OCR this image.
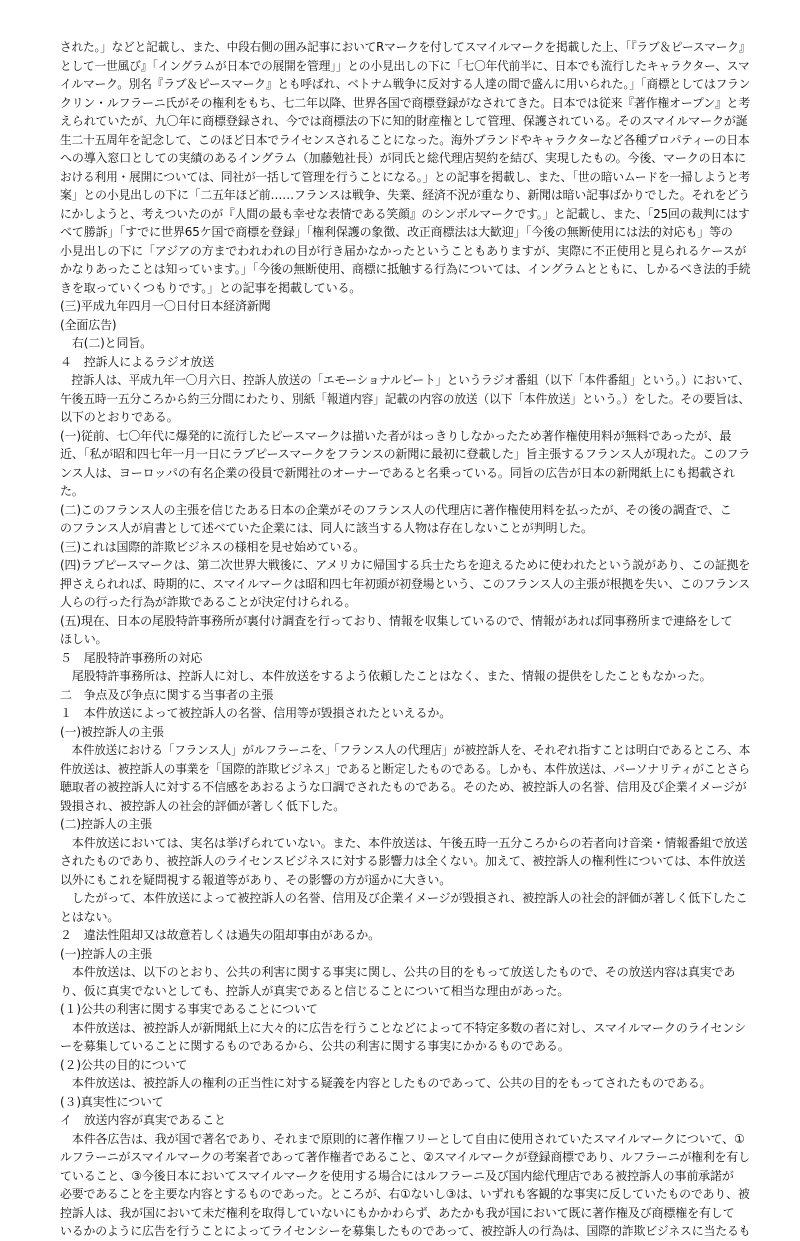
された。」などと記載し、また、中段右側の囲み記事においてRマークを付してスマイルマークを掲載した上、「『ラブ＆ピースマーク』
として一世風び』「イングラムが日本での展開を管理」」との小見出しの下に「七〇年代前半に、日本でも流行したキャラクター、スマ
イルマーク。別名『ラブ＆ピースマーク』とも呼ばれ、ベトナム戦争に反対する人達の間で盛んに用いられた。」「商標としてはフラン
クリン・ルフラーニ氏がその権利をもち、七二年以降、世界各国で商標登録がなされてきた。日本では従来『著作権オープン』と考
えられていたが、九〇年に商標登録され、今では商標法の下に知的財産権として管理、保護されている。そのスマイルマークが誕
生二十五周年を記念して、このほど日本でライセンスされることになった。海外ブランドやキャラクターなど各種プロパティーの日本
への導入窓口としての実績のあるイングラム（加藤勉社長）が同氏と総代理店契約を結び、実現したもの。今後、マークの日本に
おける利用・展開については、同社が一括して管理を行うことになる。」との記事を掲載し、また、「世の暗いムードを一掃しようと考
案」との小見出しの下に「二五年ほど前……フランスは戦争、失業、経済不況が重なり、新聞は暗い記事ばかりでした。それをどう
にかしようと、考えついたのが『人間の最も幸せな表情である笑顔』のシンボルマークです。」と記載し、また、「25回の裁判にはす
べて勝訴」「すでに世界65ケ国で商標を登録」「権利保護の象徴、改正商標法は大歓迎」「今後の無断使用には法的対応も」等の
小見出しの下に「アジアの方までわれわれの目が行き届かなかったということもありますが、実際に不正使用と見られるケースが
かなりあったことは知っています。」「今後の無断使用、商標に抵触する行為については、イングラムとともに、しかるべき法的手続
きを取っていくつもりです。」との記事を掲載している。
(三)平成九年四月一〇日付日本経済新聞
(全面広告)
　右(二)と同旨。
４　控訴人によるラジオ放送
　控訴人は、平成九年一〇月六日、控訴人放送の「エモーショナルビート」というラジオ番組（以下「本件番組」という。）において、
午後五時一五分ころから約三分間にわたり、別紙「報道内容」記載の内容の放送（以下「本件放送」という。）をした。その要旨は、
以下のとおりである。
(一)従前、七〇年代に爆発的に流行したピースマークは描いた者がはっきりしなかったため著作権使用料が無料であったが、最
近、「私が昭和四七年一月一日にラブピースマークをフランスの新聞に最初に登載した」旨主張するフランス人が現れた。このフラ
ンス人は、ヨーロッパの有名企業の役員で新聞社のオーナーであると名乗っている。同旨の広告が日本の新聞紙上にも掲載され
た。
(二)このフランス人の主張を信じたある日本の企業がそのフランス人の代理店に著作権使用料を払ったが、その後の調査で、こ
のフランス人が肩書として述べていた企業には、同人に該当する人物は存在しないことが判明した。
(三)これは国際的詐欺ビジネスの様相を見せ始めている。
(四)ラブピースマークは、第二次世界大戦後に、アメリカに帰国する兵士たちを迎えるために使われたという説があり、この証拠を
押さえられれば、時期的に、スマイルマークは昭和四七年初頭が初登場という、このフランス人の主張が根拠を失い、このフランス
人らの行った行為が詐欺であることが決定付けられる。
(五)現在、日本の尾股特許事務所が裏付け調査を行っており、情報を収集しているので、情報があれば同事務所まで連絡をして
ほしい。
５　尾股特許事務所の対応
　尾股特許事務所は、控訴人に対し、本件放送をするよう依頼したことはなく、また、情報の提供をしたこともなかった。
二　争点及び争点に関する当事者の主張
１　本件放送によって被控訴人の名誉、信用等が毀損されたといえるか。
(一)被控訴人の主張
　本件放送における「フランス人」がルフラーニを、「フランス人の代理店」が被控訴人を、それぞれ指すことは明白であるところ、本
件放送は、被控訴人の事業を「国際的詐欺ビジネス」であると断定したものである。しかも、本件放送は、パーソナリティがことさら
聴取者の被控訴人に対する不信感をあおるような口調でされたものである。そのため、被控訴人の名誉、信用及び企業イメージが
毀損され、被控訴人の社会的評価が著しく低下した。
(二)控訴人の主張
　本件放送においては、実名は挙げられていない。また、本件放送は、午後五時一五分ころからの若者向け音楽・情報番組で放送
されたものであり、被控訴人のライセンスビジネスに対する影響力は全くない。加えて、被控訴人の権利性については、本件放送
以外にもこれを疑問視する報道等があり、その影響の方が遥かに大きい。
　したがって、本件放送によって被控訴人の名誉、信用及び企業イメージが毀損され、被控訴人の社会的評価が著しく低下したこ
とはない。
２　違法性阻却又は故意若しくは過失の阻却事由があるか。
(一)控訴人の主張
　本件放送は、以下のとおり、公共の利害に関する事実に関し、公共の目的をもって放送したもので、その放送内容は真実であ
り、仮に真実でないとしても、控訴人が真実であると信じることについて相当な理由があった。
(１)公共の利害に関する事実であることについて
　本件放送は、被控訴人が新聞紙上に大々的に広告を行うことなどによって不特定多数の者に対し、スマイルマークのライセンシ
ーを募集していることに関するものであるから、公共の利害に関する事実にかかるものである。
(２)公共の目的について
　本件放送は、被控訴人の権利の正当性に対する疑義を内容としたものであって、公共の目的をもってされたものである。
(３)真実性について
イ　放送内容が真実であること
　本件各広告は、我が国で著名であり、それまで原則的に著作権フリーとして自由に使用されていたスマイルマークについて、①
ルフラーニがスマイルマークの考案者であって著作権者であること、②スマイルマークが登録商標であり、ルフラーニが権利を有し
ていること、③今後日本においてスマイルマークを使用する場合にはルフラーニ及び国内総代理店である被控訴人の事前承諾が
必要であることを主要な内容とするものであった。ところが、右①ないし③は、いずれも客観的な事実に反していたものであり、被
控訴人は、我が国において未だ権利を取得していないにもかかわらず、あたかも我が国において既に著作権及び商標権を有して
いるかのように広告を行うことによってライセンシーを募集したものであって、被控訴人の行為は、国際的詐欺ビジネスに当たるも
